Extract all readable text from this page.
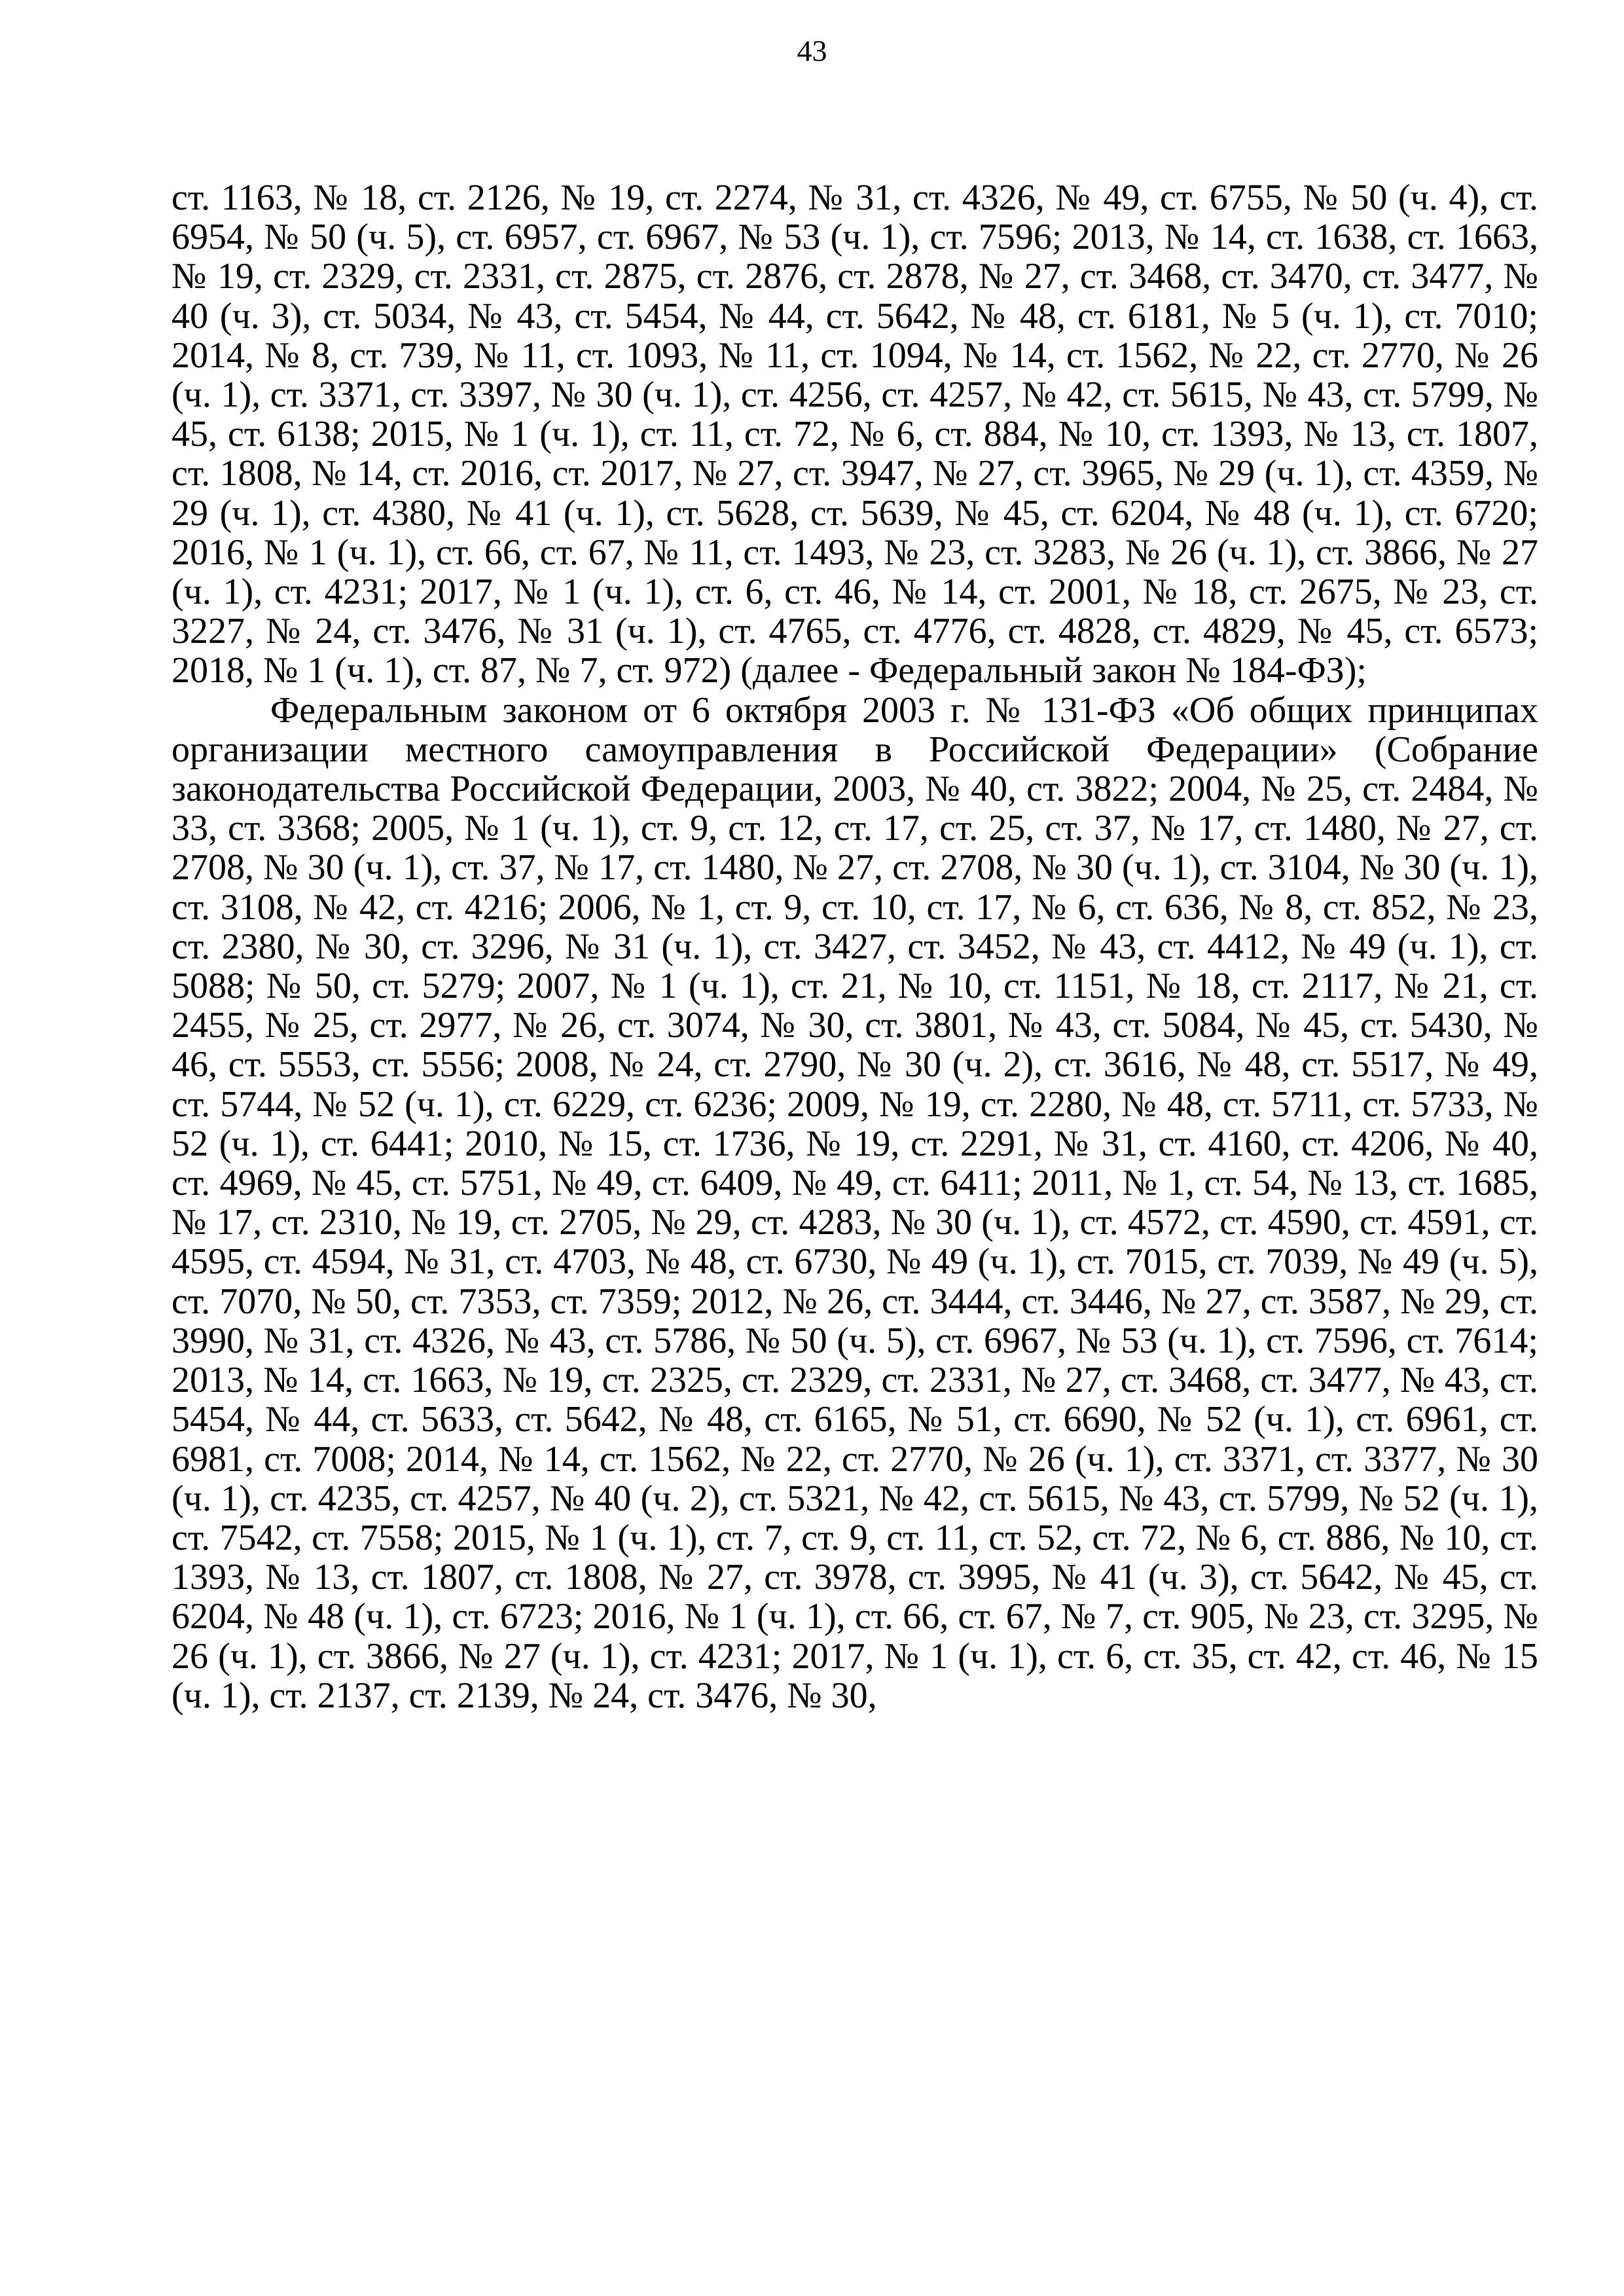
43

ст. 1163, № 18, ст. 2126, № 19, ст. 2274, № 31, ст. 4326, № 49, ст. 6755, № 50 (ч. 4), ст. 6954, № 50 (ч. 5), ст. 6957, ст. 6967, № 53 (ч. 1), ст. 7596; 2013, № 14, ст. 1638, ст. 1663, № 19, ст. 2329, ст. 2331, ст. 2875, ст. 2876, ст. 2878, № 27, ст. 3468, ст. 3470, ст. 3477, № 40 (ч. 3), ст. 5034, № 43, ст. 5454, № 44, ст. 5642, № 48, ст. 6181, № 5 (ч. 1), ст. 7010; 2014, № 8, ст. 739, № 11, ст. 1093, № 11, ст. 1094, № 14, ст. 1562, № 22, ст. 2770, № 26 (ч. 1), ст. 3371, ст. 3397, № 30 (ч. 1), ст. 4256, ст. 4257, № 42, ст. 5615, № 43, ст. 5799, № 45, ст. 6138; 2015, № 1 (ч. 1), ст. 11, ст. 72, № 6, ст. 884, № 10, ст. 1393, № 13, ст. 1807, ст. 1808, № 14, ст. 2016, ст. 2017, № 27, ст. 3947, № 27, ст. 3965, № 29 (ч. 1), ст. 4359, № 29 (ч. 1), ст. 4380, № 41 (ч. 1), ст. 5628, ст. 5639, № 45, ст. 6204, № 48 (ч. 1), ст. 6720; 2016, № 1 (ч. 1), ст. 66, ст. 67, № 11, ст. 1493, № 23, ст. 3283, № 26 (ч. 1), ст. 3866, № 27 (ч. 1), ст. 4231; 2017, № 1 (ч. 1), ст. 6, ст. 46, № 14, ст. 2001, № 18, ст. 2675, № 23, ст. 3227, № 24, ст. 3476, № 31 (ч. 1), ст. 4765, ст. 4776, ст. 4828, ст. 4829, № 45, ст. 6573; 2018, № 1 (ч. 1), ст. 87, № 7, ст. 972) (далее - Федеральный закон № 184-ФЗ);

Федеральным законом от 6 октября 2003 г. № 131-ФЗ «Об общих принципах организации местного самоуправления в Российской Федерации» (Собрание законодательства Российской Федерации, 2003, № 40, ст. 3822; 2004, № 25, ст. 2484, № 33, ст. 3368; 2005, № 1 (ч. 1), ст. 9, ст. 12, ст. 17, ст. 25, ст. 37, № 17, ст. 1480, № 27, ст. 2708, № 30 (ч. 1), ст. 37, № 17, ст. 1480, № 27, ст. 2708, № 30 (ч. 1), ст. 3104, № 30 (ч. 1), ст. 3108, № 42, ст. 4216; 2006, № 1, ст. 9, ст. 10, ст. 17, № 6, ст. 636, № 8, ст. 852, № 23, ст. 2380, № 30, ст. 3296, № 31 (ч. 1), ст. 3427, ст. 3452, № 43, ст. 4412, № 49 (ч. 1), ст. 5088; № 50, ст. 5279; 2007, № 1 (ч. 1), ст. 21, № 10, ст. 1151, № 18, ст. 2117, № 21, ст. 2455, № 25, ст. 2977, № 26, ст. 3074, № 30, ст. 3801, № 43, ст. 5084, № 45, ст. 5430, № 46, ст. 5553, ст. 5556; 2008, № 24, ст. 2790, № 30 (ч. 2), ст. 3616, № 48, ст. 5517, № 49, ст. 5744, № 52 (ч. 1), ст. 6229, ст. 6236; 2009, № 19, ст. 2280, № 48, ст. 5711, ст. 5733, № 52 (ч. 1), ст. 6441; 2010, № 15, ст. 1736, № 19, ст. 2291, № 31, ст. 4160, ст. 4206, № 40, ст. 4969, № 45, ст. 5751, № 49, ст. 6409, № 49, ст. 6411; 2011, № 1, ст. 54, № 13, ст. 1685, № 17, ст. 2310, № 19, ст. 2705, № 29, ст. 4283, № 30 (ч. 1), ст. 4572, ст. 4590, ст. 4591, ст. 4595, ст. 4594, № 31, ст. 4703, № 48, ст. 6730, № 49 (ч. 1), ст. 7015, ст. 7039, № 49 (ч. 5), ст. 7070, № 50, ст. 7353, ст. 7359; 2012, № 26, ст. 3444, ст. 3446, № 27, ст. 3587, № 29, ст. 3990, № 31, ст. 4326, № 43, ст. 5786, № 50 (ч. 5), ст. 6967, № 53 (ч. 1), ст. 7596, ст. 7614; 2013, № 14, ст. 1663, № 19, ст. 2325, ст. 2329, ст. 2331, № 27, ст. 3468, ст. 3477, № 43, ст. 5454, № 44, ст. 5633, ст. 5642, № 48, ст. 6165, № 51, ст. 6690, № 52 (ч. 1), ст. 6961, ст. 6981, ст. 7008; 2014, № 14, ст. 1562, № 22, ст. 2770, № 26 (ч. 1), ст. 3371, ст. 3377, № 30 (ч. 1), ст. 4235, ст. 4257, № 40 (ч. 2), ст. 5321, № 42, ст. 5615, № 43, ст. 5799, № 52 (ч. 1), ст. 7542, ст. 7558; 2015, № 1 (ч. 1), ст. 7, ст. 9, ст. 11, ст. 52, ст. 72, № 6, ст. 886, № 10, ст. 1393, № 13, ст. 1807, ст. 1808, № 27, ст. 3978, ст. 3995, № 41 (ч. 3), ст. 5642, № 45, ст. 6204, № 48 (ч. 1), ст. 6723; 2016, № 1 (ч. 1), ст. 66, ст. 67, № 7, ст. 905, № 23, ст. 3295, № 26 (ч. 1), ст. 3866, № 27 (ч. 1), ст. 4231; 2017, № 1 (ч. 1), ст. 6, ст. 35, ст. 42, ст. 46, № 15 (ч. 1), ст. 2137, ст. 2139, № 24, ст. 3476, № 30,
